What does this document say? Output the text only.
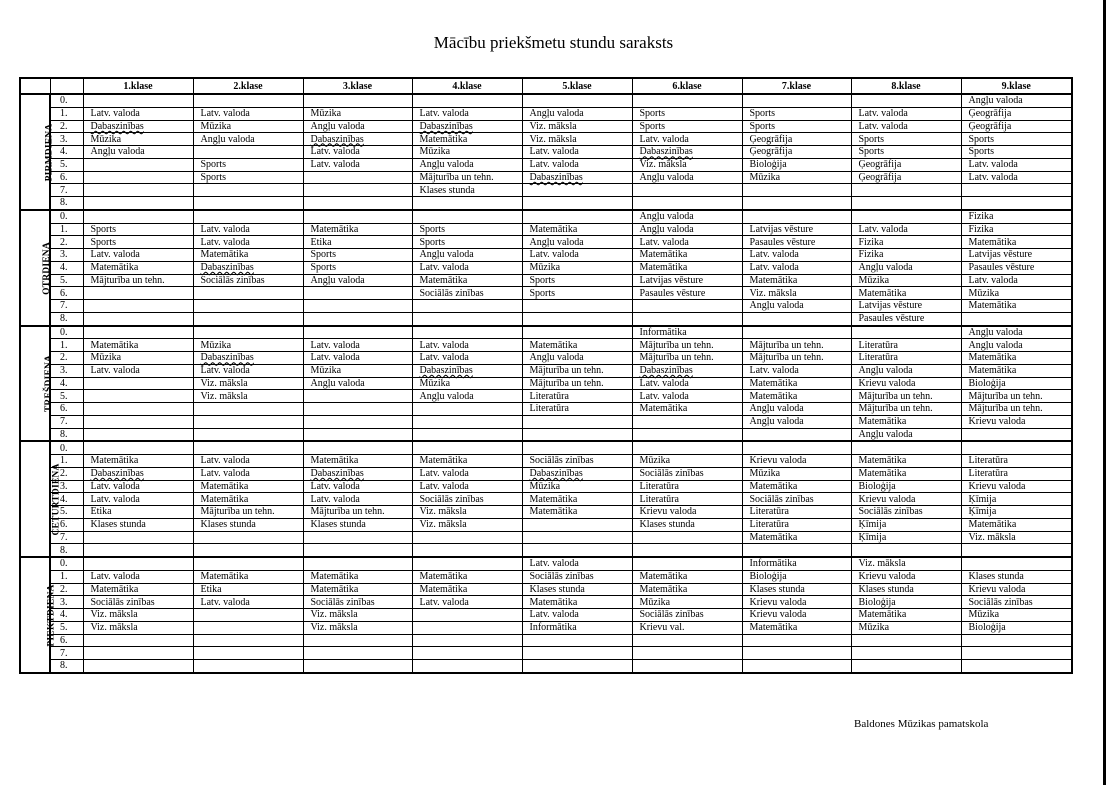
Mācību priekšmetu stundu saraksts
		1.klase	2.klase	3.klase	4.klase	5.klase	6.klase	7.klase	8.klase	9.klase
PIRMDIENA	0.									Angļu valoda
	1.	Latv. valoda	Latv. valoda	Mūzika	Latv. valoda	Angļu valoda	Sports	Sports	Latv. valoda	Ģeogrāfija
	2.	Dabaszinības	Mūzika	Angļu valoda	Dabaszinības	Viz. māksla	Sports	Sports	Latv. valoda	Ģeogrāfija
	3.	Mūzika	Angļu valoda	Dabaszinības	Matemātika	Viz. māksla	Latv. valoda	Ģeogrāfija	Sports	Sports
	4.	Angļu valoda		Latv. valoda	Mūzika	Latv. valoda	Dabaszinības	Ģeogrāfija	Sports	Sports
	5.		Sports	Latv. valoda	Angļu valoda	Latv. valoda	Viz. māksla	Bioloģija	Ģeogrāfija	Latv. valoda
	6.		Sports		Mājturība un tehn.	Dabaszinības	Angļu valoda	Mūzika	Ģeogrāfija	Latv. valoda
	7.				Klases stunda					
	8.									
OTRDIENA	0.						Angļu valoda			Fizika
	1.	Sports	Latv. valoda	Matemātika	Sports	Matemātika	Angļu valoda	Latvijas vēsture	Latv. valoda	Fizika
	2.	Sports	Latv. valoda	Etika	Sports	Angļu valoda	Latv. valoda	Pasaules vēsture	Fizika	Matemātika
	3.	Latv. valoda	Matemātika	Sports	Angļu valoda	Latv. valoda	Matemātika	Latv. valoda	Fizika	Latvijas vēsture
	4.	Matemātika	Dabaszinības	Sports	Latv. valoda	Mūzika	Matemātika	Latv. valoda	Angļu valoda	Pasaules vēsture
	5.	Mājturība un tehn.	Sociālās zinības	Angļu valoda	Matemātika	Sports	Latvijas vēsture	Matemātika	Mūzika	Latv. valoda
	6.				Sociālās zinības	Sports	Pasaules vēsture	Viz. māksla	Matemātika	Mūzika
	7.							Angļu valoda	Latvijas vēsture	Matemātika
	8.								Pasaules vēsture	
TREŠDIENA	0.						Informātika			Angļu valoda
	1.	Matemātika	Mūzika	Latv. valoda	Latv. valoda	Matemātika	Mājturība un tehn.	Mājturība un tehn.	Literatūra	Angļu valoda
	2.	Mūzika	Dabaszinības	Latv. valoda	Latv. valoda	Angļu valoda	Mājturība un tehn.	Mājturība un tehn.	Literatūra	Matemātika
	3.	Latv. valoda	Latv. valoda	Mūzika	Dabaszinības	Mājturība un tehn.	Dabaszinības	Latv. valoda	Angļu valoda	Matemātika
	4.		Viz. māksla	Angļu valoda	Mūzika	Mājturība un tehn.	Latv. valoda	Matemātika	Krievu valoda	Bioloģija
	5.		Viz. māksla		Angļu valoda	Literatūra	Latv. valoda	Matemātika	Mājturība un tehn.	Mājturība un tehn.
	6.					Literatūra	Matemātika	Angļu valoda	Mājturība un tehn.	Mājturība un tehn.
	7.							Angļu valoda	Matemātika	Krievu valoda
	8.								Angļu valoda	
CETURTDIENA	0.									
	1.	Matemātika	Latv. valoda	Matemātika	Matemātika	Sociālās zinības	Mūzika	Krievu valoda	Matemātika	Literatūra
	2.	Dabaszinības	Latv. valoda	Dabaszinības	Latv. valoda	Dabaszinības	Sociālās zinības	Mūzika	Matemātika	Literatūra
	3.	Latv. valoda	Matemātika	Latv. valoda	Latv. valoda	Mūzika	Literatūra	Matemātika	Bioloģija	Krievu valoda
	4.	Latv. valoda	Matemātika	Latv. valoda	Sociālās zinības	Matemātika	Literatūra	Sociālās zinības	Krievu valoda	Ķīmija
	5.	Etika	Mājturība un tehn.	Mājturība un tehn.	Viz. māksla	Matemātika	Krievu valoda	Literatūra	Sociālās zinības	Ķīmija
	6.	Klases stunda	Klases stunda	Klases stunda	Viz. māksla		Klases stunda	Literatūra	Ķīmija	Matemātika
	7.							Matemātika	Ķīmija	Viz. māksla
	8.									
PIEKTDIENA	0.					Latv. valoda		Informātika	Viz. māksla	
	1.	Latv. valoda	Matemātika	Matemātika	Matemātika	Sociālās zinības	Matemātika	Bioloģija	Krievu valoda	Klases stunda
	2.	Matemātika	Etika	Matemātika	Matemātika	Klases stunda	Matemātika	Klases stunda	Klases stunda	Krievu valoda
	3.	Sociālās zinības	Latv. valoda	Sociālās zinības	Latv. valoda	Matemātika	Mūzika	Krievu valoda	Bioloģija	Sociālās zinības
	4.	Viz. māksla		Viz. māksla		Latv. valoda	Sociālās zinības	Krievu valoda	Matemātika	Mūzika
	5.	Viz. māksla		Viz. māksla		Informātika	Krievu val.	Matemātika	Mūzika	Bioloģija
	6.									
	7.									
	8.									
Baldones Mūzikas pamatskola
